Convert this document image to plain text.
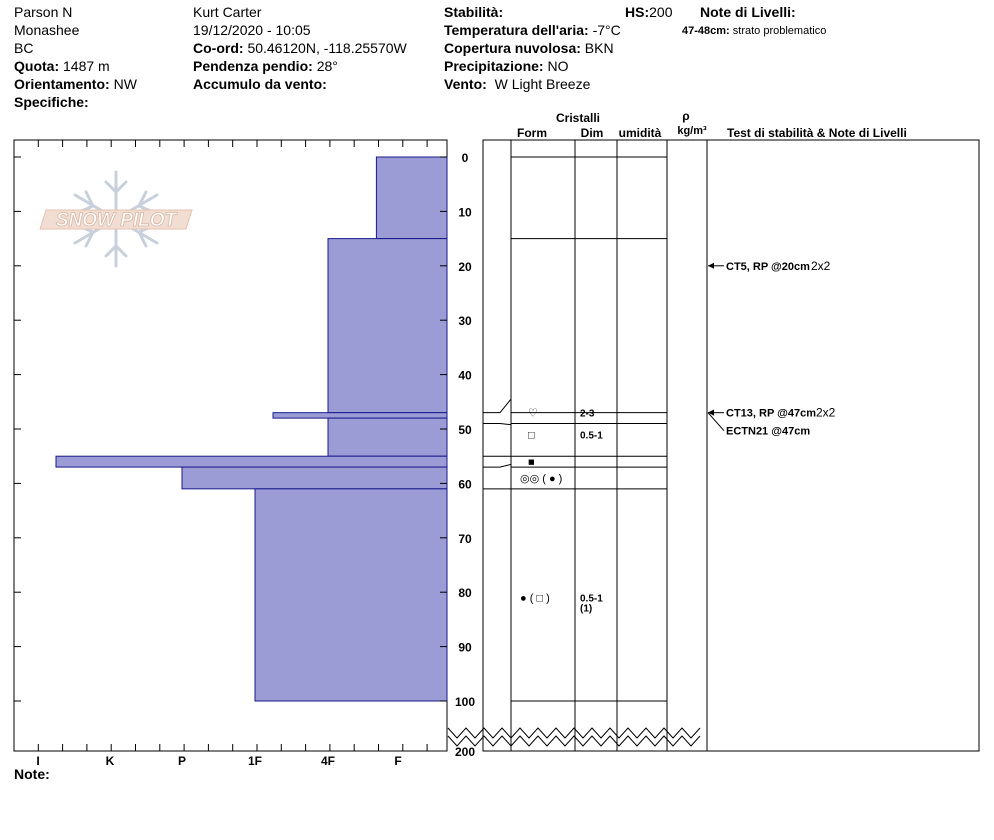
Parson N
Monashee
BC
Quota: 1487 m
Orientamento: NW
Specifiche:
Kurt Carter
19/12/2020 - 10:05
Co-ord: 50.46120N, -118.25570W
Pendenza pendio: 28°
Accumulo da vento:
Stabilità:	HS:200
Temperatura dell'aria: -7°C
Copertura nuvolosa: BKN
Precipitazione: NO
Vento: W Light Breeze
Note di Livelli:
47-48cm: strato problematico
Note:
SNOW PILOT
I	K	P	1F	4F	F
0
10
20
30
40
50
60
70
80
90
100
200
Cristalli
Form	Dim umidità
ρ
kg/m³ Test di stabilità & Note di Livelli
♡	2-3
□	0.5-1
■
◎◎ ( ● )
● ( □ )	0.5-1
(1)
CT5, RP @20cm 2x2
CT13, RP @47cm 2x2
ECTN21 @47cm
